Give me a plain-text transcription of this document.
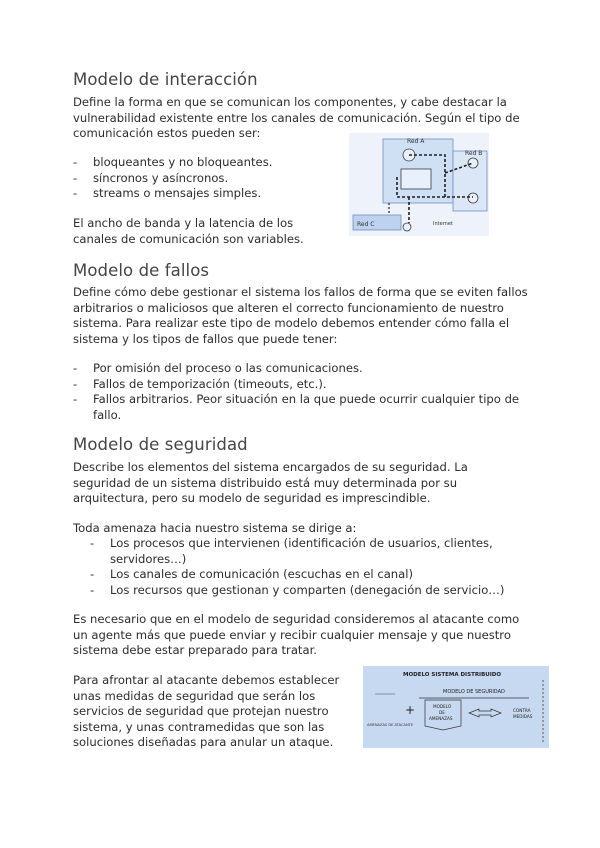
Modelo de interacción

Define la forma en que se comunican los componentes, y cabe destacar la vulnerabilidad existente entre los canales de comunicación. Según el tipo de comunicación estos pueden ser:

- bloqueantes y no bloqueantes.
- síncronos y asíncronos.
- streams o mensajes simples.

El ancho de banda y la latencia de los canales de comunicación son variables.

Red A
Red B
Red C	Internet
Modelo de fallos

Define cómo debe gestionar el sistema los fallos de forma que se eviten fallos arbitrarios o maliciosos que alteren el correcto funcionamiento de nuestro sistema. Para realizar este tipo de modelo debemos entender cómo falla el sistema y los tipos de fallos que puede tener:

- Por omisión del proceso o las comunicaciones.
- Fallos de temporización (timeouts, etc.).
- Fallos arbitrarios. Peor situación en la que puede ocurrir cualquier tipo de fallo.
Modelo de seguridad

Describe los elementos del sistema encargados de su seguridad. La seguridad de un sistema distribuido está muy determinada por su arquitectura, pero su modelo de seguridad es imprescindible.

Toda amenaza hacia nuestro sistema se dirige a:

- Los procesos que intervienen (identificación de usuarios, clientes, servidores…)
- Los canales de comunicación (escuchas en el canal)
- Los recursos que gestionan y comparten (denegación de servicio…)

Es necesario que en el modelo de seguridad consideremos al atacante como un agente más que puede enviar y recibir cualquier mensaje y que nuestro sistema debe estar preparado para tratar.

Para afrontar al atacante debemos establecer unas medidas de seguridad que serán los servicios de seguridad que protejan nuestro sistema, y unas contramedidas que son las soluciones diseñadas para anular un ataque.

MODELO SISTEMA DISTRIBUIDO
MODELO DE SEGURIDAD
AMENAZAS DE ATACANTE
+	MODELO
DE
AMENAZAS
CONTRA
MEDIDAS
